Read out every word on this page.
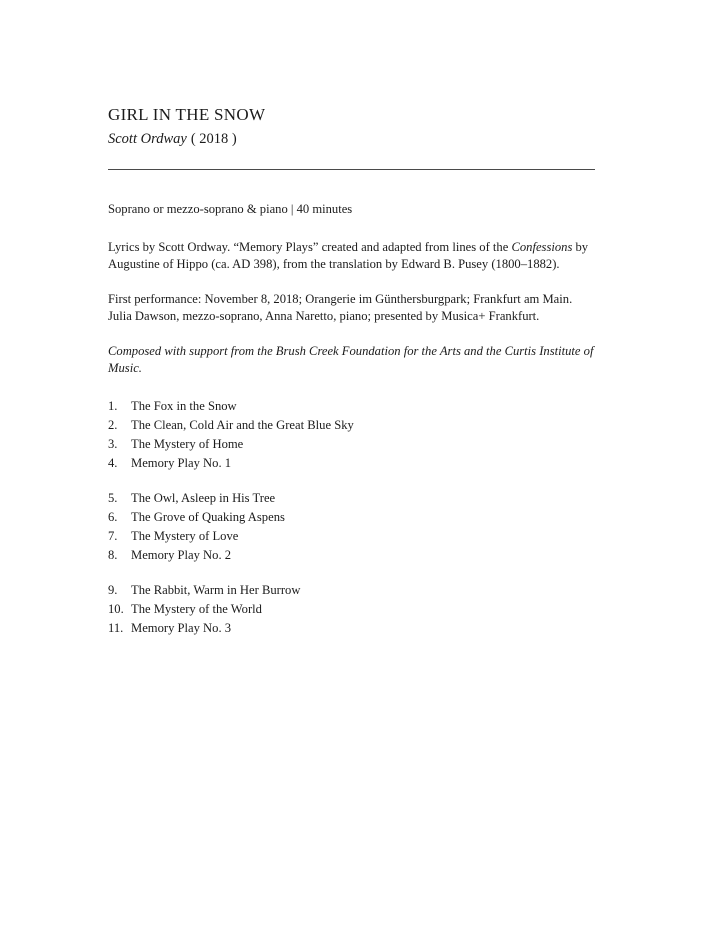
GIRL IN THE SNOW
Scott Ordway ( 2018 )

Soprano or mezzo-soprano & piano | 40 minutes

Lyrics by Scott Ordway. “Memory Plays” created and adapted from lines of the Confessions by
Augustine of Hippo (ca. AD 398), from the translation by Edward B. Pusey (1800–1882).

First performance: November 8, 2018; Orangerie im Günthersburgpark; Frankfurt am Main.
Julia Dawson, mezzo-soprano, Anna Naretto, piano; presented by Musica+ Frankfurt.

Composed with support from the Brush Creek Foundation for the Arts and the Curtis Institute of Music.

1. The Fox in the Snow
2. The Clean, Cold Air and the Great Blue Sky
3. The Mystery of Home
4. Memory Play No. 1
5. The Owl, Asleep in His Tree
6. The Grove of Quaking Aspens
7. The Mystery of Love
8. Memory Play No. 2
9. The Rabbit, Warm in Her Burrow
10. The Mystery of the World
11. Memory Play No. 3
